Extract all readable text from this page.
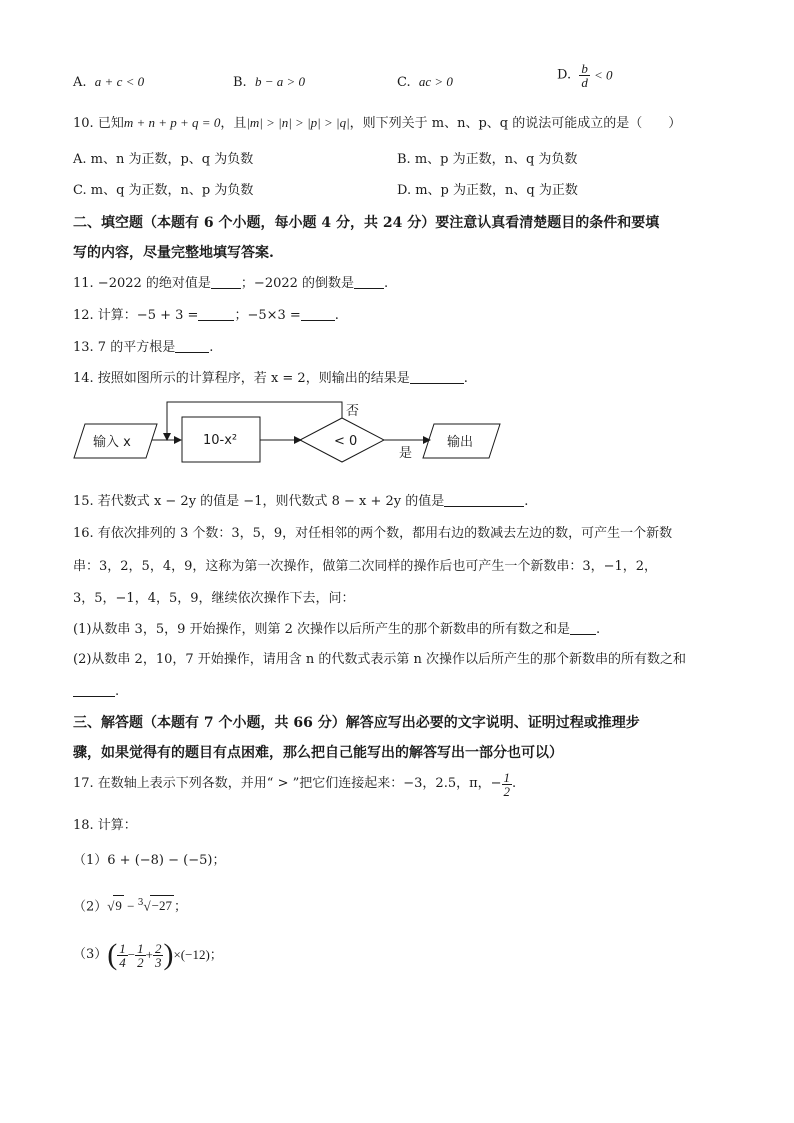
A. a + c < 0	B. b − a > 0	C. ac > 0	D. $\frac{b}{d} < 0$
10. 已知m + n + p + q = 0，且|m| > |n| > |p| > |q|，则下列关于 m、n、p、q 的说法可能成立的是（　　）
A. m、n 为正数，p、q 为负数	B. m、p 为正数，n、q 为负数
C. m、q 为正数，n、p 为负数	D. m、p 为正数，n、q 为正数
二、填空题（本题有 6 个小题，每小题 4 分，共 24 分）要注意认真看清楚题目的条件和要填
写的内容，尽量完整地填写答案.
11. −2022 的绝对值是 ；−2022 的倒数是 .
12. 计算：−5 + 3 =	；−5×3 =	.
13. 7 的平方根是	.
14. 按照如图所示的计算程序，若 x = 2，则输出的结果是	.
输入 x	10-x²	< 0
否
是
输出
15. 若代数式 x − 2y 的值是 −1，则代数式 8 − x + 2y 的值是	.
16. 有依次排列的 3 个数：3，5，9，对任相邻的两个数，都用右边的数减去左边的数，可产生一个新数
串：3，2，5，4，9，这称为第一次操作，做第二次同样的操作后也可产生一个新数串：3，−1，2，
3，5，−1，4，5，9，继续依次操作下去，问：
(1)从数串 3，5，9 开始操作，则第 2 次操作以后所产生的那个新数串的所有数之和是 .
(2)从数串 2，10，7 开始操作，请用含 n 的代数式表示第 n 次操作以后所产生的那个新数串的所有数之和
.
三、解答题（本题有 7 个小题，共 66 分）解答应写出必要的文字说明、证明过程或推理步
骤，如果觉得有的题目有点困难，那么把自己能写出的解答写出一部分也可以）
17. 在数轴上表示下列各数，并用“ > ”把它们连接起来：−3，2.5，π，− $\frac{1}{2}$ .
18. 计算：
（1）6 + (−8) − (−5)；
（2）√9 − $^3$√−27 ；
$(3)( \frac{1}{4} - \frac{1}{2} + \frac{2}{3} )\times(-12)$；
